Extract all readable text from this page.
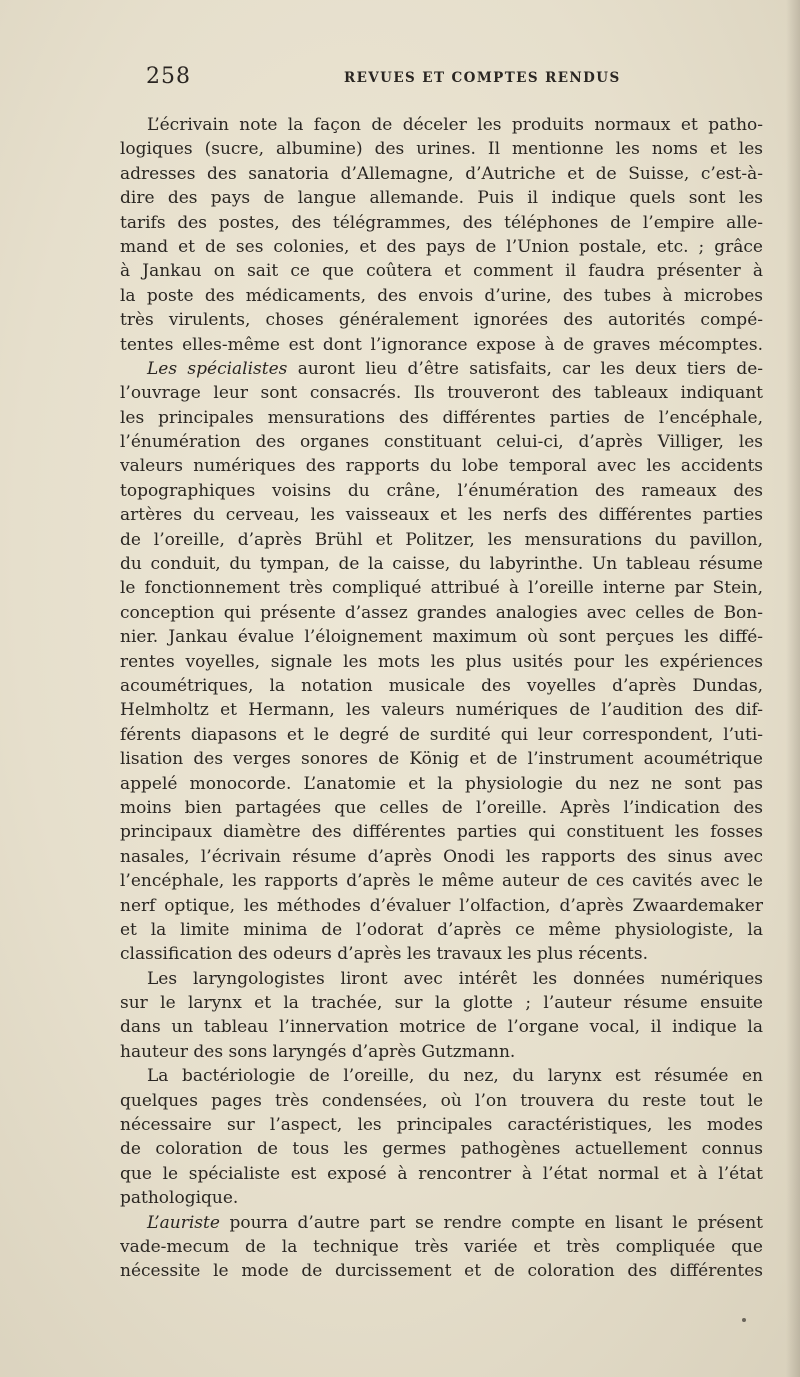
258	REVUES ET COMPTES RENDUS
L’écrivain note la façon de déceler les produits normaux et patho-
logiques (sucre, albumine) des urines. Il mentionne les noms et les
adresses des sanatoria d’Allemagne, d’Autriche et de Suisse, c’est-à-
dire des pays de langue allemande. Puis il indique quels sont les
tarifs des postes, des télégrammes, des téléphones de l’empire alle-
mand et de ses colonies, et des pays de l’Union postale, etc. ; grâce
à Jankau on sait ce que coûtera et comment il faudra présenter à
la poste des médicaments, des envois d’urine, des tubes à microbes
très virulents, choses généralement ignorées des autorités compé-
tentes elles-même est dont l’ignorance expose à de graves mécomptes.
Les spécialistes auront lieu d’être satisfaits, car les deux tiers de-
l’ouvrage leur sont consacrés. Ils trouveront des tableaux indiquant
les principales mensurations des différentes parties de l’encéphale,
l’énumération des organes constituant celui-ci, d’après Villiger, les
valeurs numériques des rapports du lobe temporal avec les accidents
topographiques voisins du crâne, l’énumération des rameaux des
artères du cerveau, les vaisseaux et les nerfs des différentes parties
de l’oreille, d’après Brühl et Politzer, les mensurations du pavillon,
du conduit, du tympan, de la caisse, du labyrinthe. Un tableau résume
le fonctionnement très compliqué attribué à l’oreille interne par Stein,
conception qui présente d’assez grandes analogies avec celles de Bon-
nier. Jankau évalue l’éloignement maximum où sont perçues les diffé-
rentes voyelles, signale les mots les plus usités pour les expériences
acoumétriques, la notation musicale des voyelles d’après Dundas,
Helmholtz et Hermann, les valeurs numériques de l’audition des dif-
férents diapasons et le degré de surdité qui leur correspondent, l’uti-
lisation des verges sonores de König et de l’instrument acoumétrique
appelé monocorde. L’anatomie et la physiologie du nez ne sont pas
moins bien partagées que celles de l’oreille. Après l’indication des
principaux diamètre des différentes parties qui constituent les fosses
nasales, l’écrivain résume d’après Onodi les rapports des sinus avec
l’encéphale, les rapports d’après le même auteur de ces cavités avec le
nerf optique, les méthodes d’évaluer l’olfaction, d’après Zwaardemaker
et la limite minima de l’odorat d’après ce même physiologiste, la
classification des odeurs d’après les travaux les plus récents.
Les laryngologistes liront avec intérêt les données numériques
sur le larynx et la trachée, sur la glotte ; l’auteur résume ensuite
dans un tableau l’innervation motrice de l’organe vocal, il indique la
hauteur des sons laryngés d’après Gutzmann.
La bactériologie de l’oreille, du nez, du larynx est résumée en
quelques pages très condensées, où l’on trouvera du reste tout le
nécessaire sur l’aspect, les principales caractéristiques, les modes
de coloration de tous les germes pathogènes actuellement connus
que le spécialiste est exposé à rencontrer à l’état normal et à l’état
pathologique.
L’auriste pourra d’autre part se rendre compte en lisant le présent
vade-mecum de la technique très variée et très compliquée que
nécessite le mode de durcissement et de coloration des différentes
